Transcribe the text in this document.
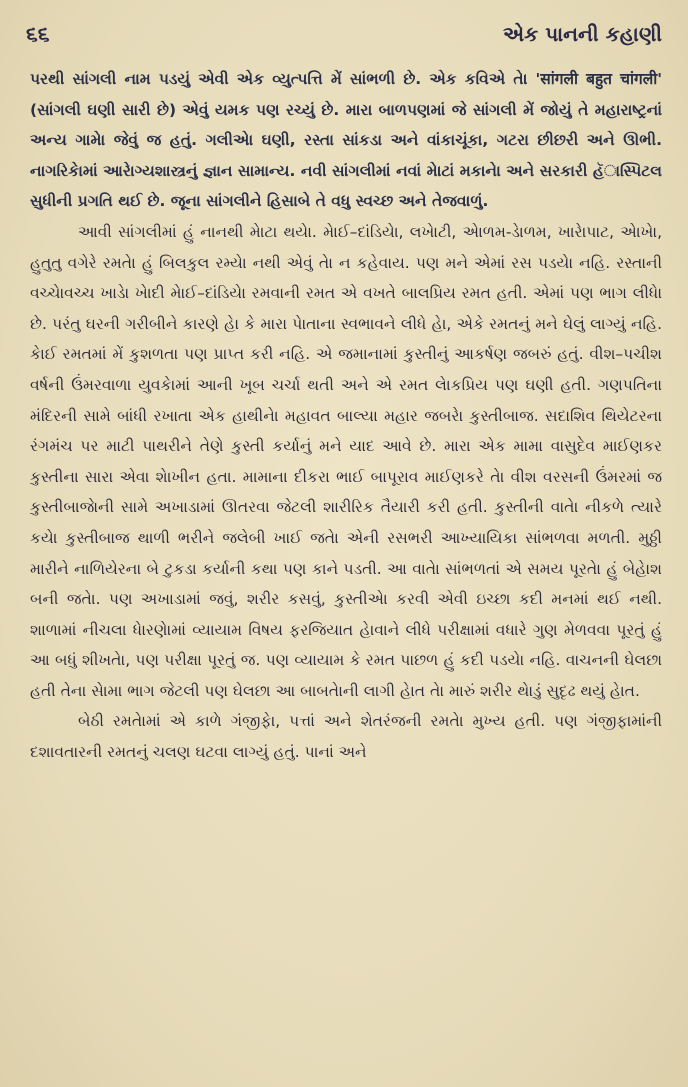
૬૬	એક પાનની કહાણી

પરથી સાંગલી નામ પડયું એવી એક વ્યુત્પત્તિ મેં સાંભળી છે. એક કવિએ તેા 'सांगली बहुत चांगली' (સાંગલી ઘણી સારી છે) એવું યમક પણ રચ્યું છે. મારા બાળપણમાં જે સાંગલી મેં જોયું તે મહારાષ્ટ્રનાં અન્ય ગામેા જેવું જ હતું. ગલીએા ઘણી, રસ્તા સાંકડા અને વાંકાચૂંકા, ગટરા છીછરી અને ઊભી. નાગરિકેામાં આરેાગ્યશાસ્ત્રનું જ્ઞાન સામાન્ય. નવી સાંગલીમાં નવાં મેાટાં મકાનેા અને સરકારી હૅાસ્પિટલ સુધીની પ્રગતિ થઈ છે. જૂના સાંગલીને હિસાબે તે વધુ સ્વચ્છ અને તેજવાળું.

આવી સાંગલીમાં હું નાનથી મેાટા થયેા. મેાઈ–દાંડિયેા, લખેાટી, એાળમ-ડેાળમ, ખારેાપાટ, એાખેા, હુતુતુ વગેરે રમતેા હું બિલકુલ રમ્યેા નથી એવું તેા ન કહેવાય. પણ મને એમાં રસ પડયેા નહિ. રસ્તાની વચ્ચેાવચ્ચ ખાડેા ખેાદી મેાઈ–દાંડિયેા રમવાની રમત એ વખતે બાલપ્રિય રમત હતી. એમાં પણ ભાગ લીધેા છે. પરંતુ ઘરની ગરીબીને કારણે હેા કે મારા પેાતાના સ્વભાવને લીધે હેા, એકે રમતનું મને ઘેલું લાગ્યું નહિ. કેાઈ રમતમાં મેં કુશળતા પણ પ્રાપ્ત કરી નહિ. એ જમાનામાં કુસ્તીનું આકર્ષણ જબરું હતું. વીશ–પચીશ વર્ષની ઉંમરવાળા યુવકેામાં આની ખૂબ ચર્ચા થતી અને એ રમત લેાકપ્રિય પણ ઘણી હતી. ગણપતિના મંદિરની સામે બાંધી રખાતા એક હાથીનેા મહાવત બાલ્યા મહાર જબરેા કુસ્તીબાજ. સદાશિવ થિયેટરના રંગમંચ પર માટી પાથરીને તેણે કુસ્તી કર્યાનું મને યાદ આવે છે. મારા એક મામા વાસુદેવ માઈણકર કુસ્તીના સારા એવા શેાખીન હતા. મામાના દીકરા ભાઈ બાપૂરાવ માઈણકરે તેા વીશ વરસની ઉંમરમાં જ કુસ્તીબાજેાની સામે અખાડામાં ઊતરવા જેટલી શારીરિક તૈયારી કરી હતી. કુસ્તીની વાતેા નીકળે ત્યારે કયેા કુસ્તીબાજ થાળી ભરીને જલેબી ખાઈ જતેા એની રસભરી આખ્યાયિકા સાંભળવા મળતી. મુઠ્ઠી મારીને નાળિયેરના બે ટુકડા કર્યાની કથા પણ કાને પડતી. આ વાતેા સાંભળતાં એ સમય પૂરતેા હું બેહેાશ બની જતેા. પણ અખાડામાં જવું, શરીર કસવું, કુસ્તીએા કરવી એવી ઇચ્છા કદી મનમાં થઈ નથી. શાળામાં નીચલા ધેારણેામાં વ્યાયામ વિષય ફરજિયાત હેાવાને લીધે પરીક્ષામાં વધારે ગુણ મેળવવા પૂરતું હું આ બધું શીખતેા, પણ પરીક્ષા પૂરતું જ. પણ વ્યાયામ કે રમત પાછળ હું કદી પડયેા નહિ. વાચનની ઘેલછા હતી તેના સેામા ભાગ જેટલી પણ ઘેલછા આ બાબતેાની લાગી હેાત તેા મારું શરીર થેાડું સુદૃઢ થયું હેાત.

બેઠી રમતેામાં એ કાળે ગંજીફેા, પત્તાં અને શેતરંજની રમતેા મુખ્ય હતી. પણ ગંજીફામાંની દશાવતારની રમતનું ચલણ ઘટવા લાગ્યું હતું. પાનાં અને
